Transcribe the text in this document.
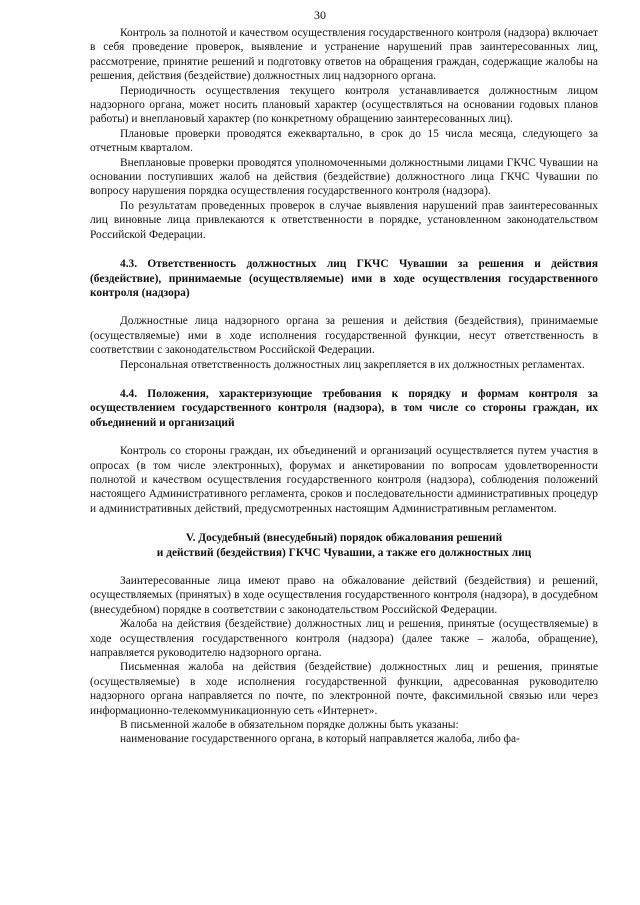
30

Контроль за полнотой и качеством осуществления государственного контроля (надзора) включает в себя проведение проверок, выявление и устранение нарушений прав заинтересованных лиц, рассмотрение, принятие решений и подготовку ответов на обращения граждан, содержащие жалобы на решения, действия (бездействие) должностных лиц надзорного органа.

Периодичность осуществления текущего контроля устанавливается должностным лицом надзорного органа, может носить плановый характер (осуществляться на основании годовых планов работы) и внеплановый характер (по конкретному обращению заинтересованных лиц).

Плановые проверки проводятся ежеквартально, в срок до 15 числа месяца, следующего за отчетным кварталом.

Внеплановые проверки проводятся уполномоченными должностными лицами ГКЧС Чувашии на основании поступивших жалоб на действия (бездействие) должностного лица ГКЧС Чувашии по вопросу нарушения порядка осуществления государственного контроля (надзора).

По результатам проведенных проверок в случае выявления нарушений прав заинтересованных лиц виновные лица привлекаются к ответственности в порядке, установленном законодательством Российской Федерации.

4.3. Ответственность должностных лиц ГКЧС Чувашии за решения и действия (бездействие), принимаемые (осуществляемые) ими в ходе осуществления государственного контроля (надзора)

Должностные лица надзорного органа за решения и действия (бездействия), принимаемые (осуществляемые) ими в ходе исполнения государственной функции, несут ответственность в соответствии с законодательством Российской Федерации.

Персональная ответственность должностных лиц закрепляется в их должностных регламентах.

4.4. Положения, характеризующие требования к порядку и формам контроля за осуществлением государственного контроля (надзора), в том числе со стороны граждан, их объединений и организаций

Контроль со стороны граждан, их объединений и организаций осуществляется путем участия в опросах (в том числе электронных), форумах и анкетировании по вопросам удовлетворенности полнотой и качеством осуществления государственного контроля (надзора), соблюдения положений настоящего Административного регламента, сроков и последовательности административных процедур и административных действий, предусмотренных настоящим Административным регламентом.

V. Досудебный (внесудебный) порядок обжалования решений
и действий (бездействия) ГКЧС Чувашии, а также его должностных лиц

Заинтересованные лица имеют право на обжалование действий (бездействия) и решений, осуществляемых (принятых) в ходе осуществления государственного контроля (надзора), в досудебном (внесудебном) порядке в соответствии с законодательством Российской Федерации.

Жалоба на действия (бездействие) должностных лиц и решения, принятые (осуществляемые) в ходе осуществления государственного контроля (надзора) (далее также – жалоба, обращение), направляется руководителю надзорного органа.

Письменная жалоба на действия (бездействие) должностных лиц и решения, принятые (осуществляемые) в ходе исполнения государственной функции, адресованная руководителю надзорного органа направляется по почте, по электронной почте, факсимильной связью или через информационно-телекоммуникационную сеть «Интернет».

В письменной жалобе в обязательном порядке должны быть указаны:

наименование государственного органа, в который направляется жалоба, либо фа-
